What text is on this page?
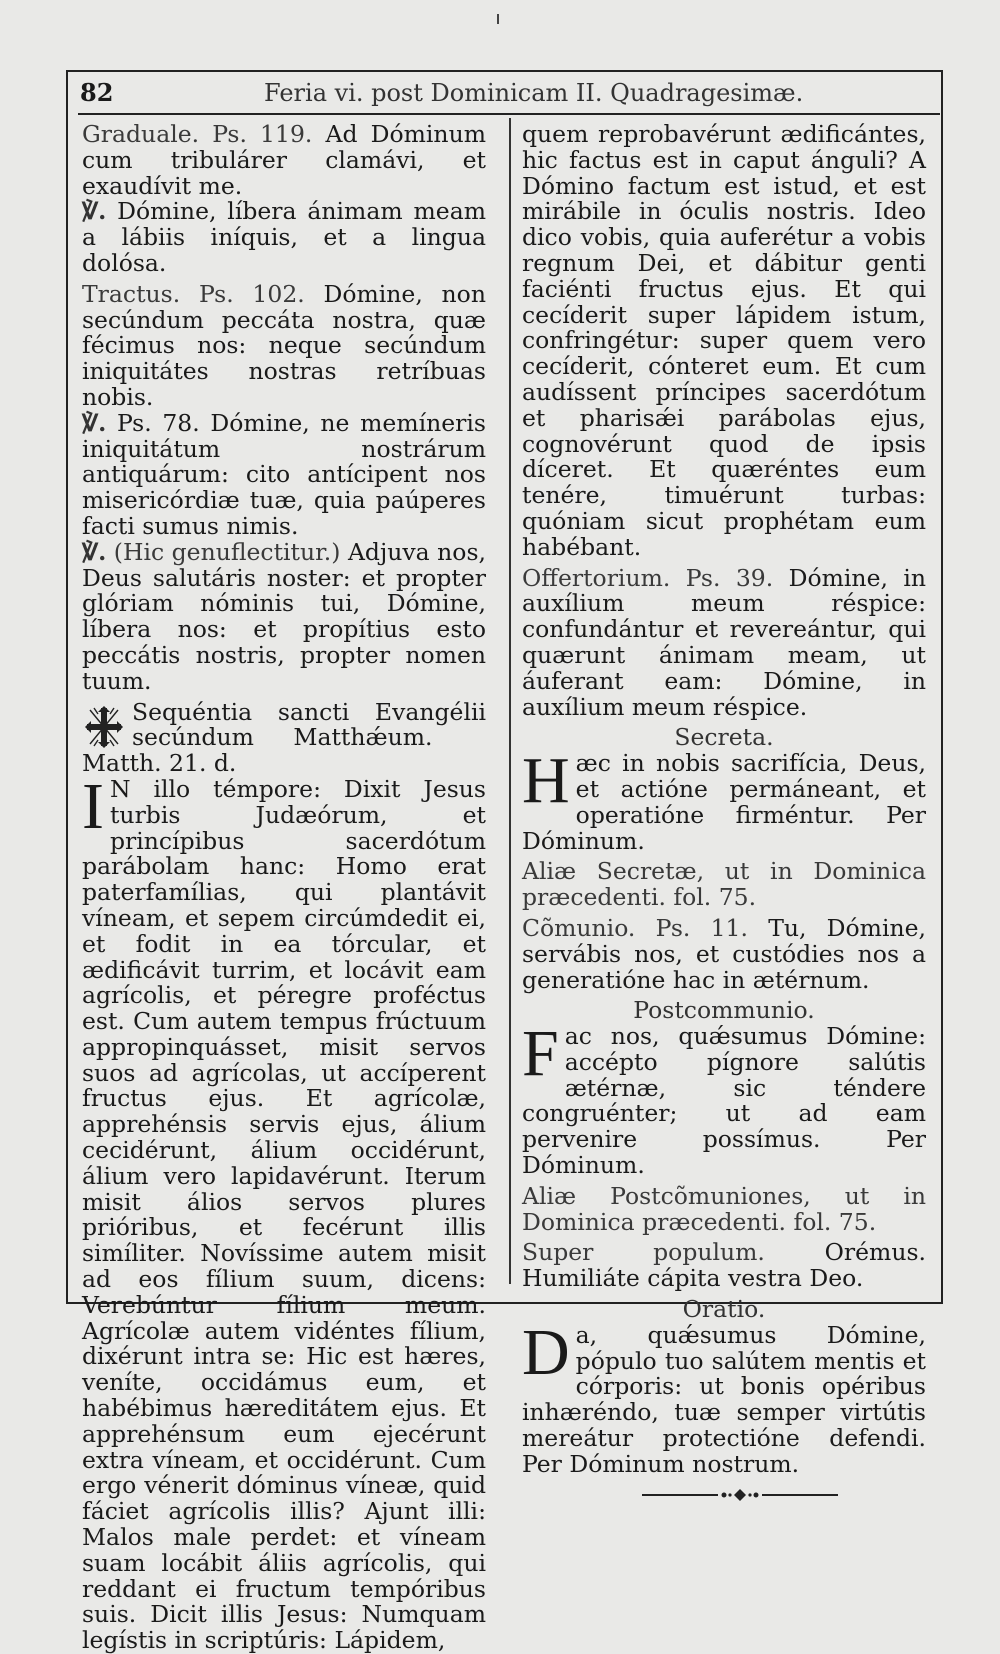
82	Feria vi. post Dominicam II. Quadragesimæ.

Graduale. Ps. 119. Ad Dóminum cum tribulárer clamávi, et exaudívit me.

℣. Dómine, líbera ánimam meam a lábiis iníquis, et a lingua dolósa.

Tractus. Ps. 102. Dómine, non secúndum peccáta nostra, quæ fécimus nos: neque secúndum iniquitátes nostras retríbuas nobis.

℣. Ps. 78. Dómine, ne memíneris iniquitátum nostrárum antiquárum: cito antícipent nos misericórdiæ tuæ, quia paúperes facti sumus nimis.

℣. (Hic genuflectitur.) Adjuva nos, Deus salutáris noster: et propter glóriam nóminis tui, Dómine, líbera nos: et propítius esto peccátis nostris, propter nomen tuum.

Sequéntia sancti Evangélii secúndum Matthǽum.  Matth. 21. d.

I N illo témpore: Dixit Jesus turbis Judæórum, et princípibus sacerdótum parábolam hanc: Homo erat paterfamílias, qui plantávit víneam, et sepem circúmdedit ei, et fodit in ea tórcular, et ædificávit turrim, et locávit eam agrícolis, et péregre proféctus est. Cum autem tempus frúctuum appropinquásset, misit servos suos ad agrícolas, ut accíperent fructus ejus. Et agrícolæ, apprehénsis servis ejus, álium cecidérunt, álium occidérunt, álium vero lapidavérunt. Iterum misit álios servos plures prióribus, et fecérunt illis simíliter. Novíssime autem misit ad eos fílium suum, dicens: Verebúntur fílium meum. Agrícolæ autem vidéntes fílium, dixérunt intra se: Hic est hæres, veníte, occidámus eum, et habébimus hæreditátem ejus. Et apprehénsum eum ejecérunt extra víneam, et occidérunt. Cum ergo vénerit dóminus víneæ, quid fáciet agrícolis illis? Ajunt illi: Malos male perdet: et víneam suam locábit áliis agrícolis, qui reddant ei fructum tempóribus suis. Dicit illis Jesus: Numquam legístis in scriptúris: Lápidem,

quem reprobavérunt ædificántes, hic factus est in caput ánguli? A Dómino factum est istud, et est mirábile in óculis nostris. Ideo dico vobis, quia auferétur a vobis regnum Dei, et dábitur genti faciénti fructus ejus. Et qui cecíderit super lápidem istum, confringétur: super quem vero cecíderit, cónteret eum. Et cum audíssent príncipes sacerdótum et pharisǽi parábolas ejus, cognovérunt quod de ipsis díceret. Et quæréntes eum tenére, timuérunt turbas: quóniam sicut prophétam eum habébant.

Offertorium. Ps. 39. Dómine, in auxílium meum réspice: confundántur et revereántur, qui quærunt ánimam meam, ut áuferant eam: Dómine, in auxílium meum réspice.

Secreta.

H æc in nobis sacrifícia, Deus, et actióne permáneant, et operatióne firméntur. Per Dóminum.

Aliæ Secretæ, ut in Dominica præcedenti. fol. 75.

Cõmunio. Ps. 11. Tu, Dómine, servábis nos, et custódies nos a generatióne hac in ætérnum.

Postcommunio.

F ac nos, quǽsumus Dómine: accépto pígnore salútis ætérnæ, sic téndere congruénter; ut ad eam pervenire possímus. Per Dóminum.

Aliæ Postcõmuniones, ut in Dominica præcedenti. fol. 75.

Super populum.	Orémus. Humiliáte cápita vestra Deo.

Oratio.

D a, quǽsumus Dómine, pópulo tuo salútem mentis et córporis: ut bonis opéribus inhæréndo, tuæ semper virtútis mereátur protectióne defendi. Per Dóminum nostrum.
